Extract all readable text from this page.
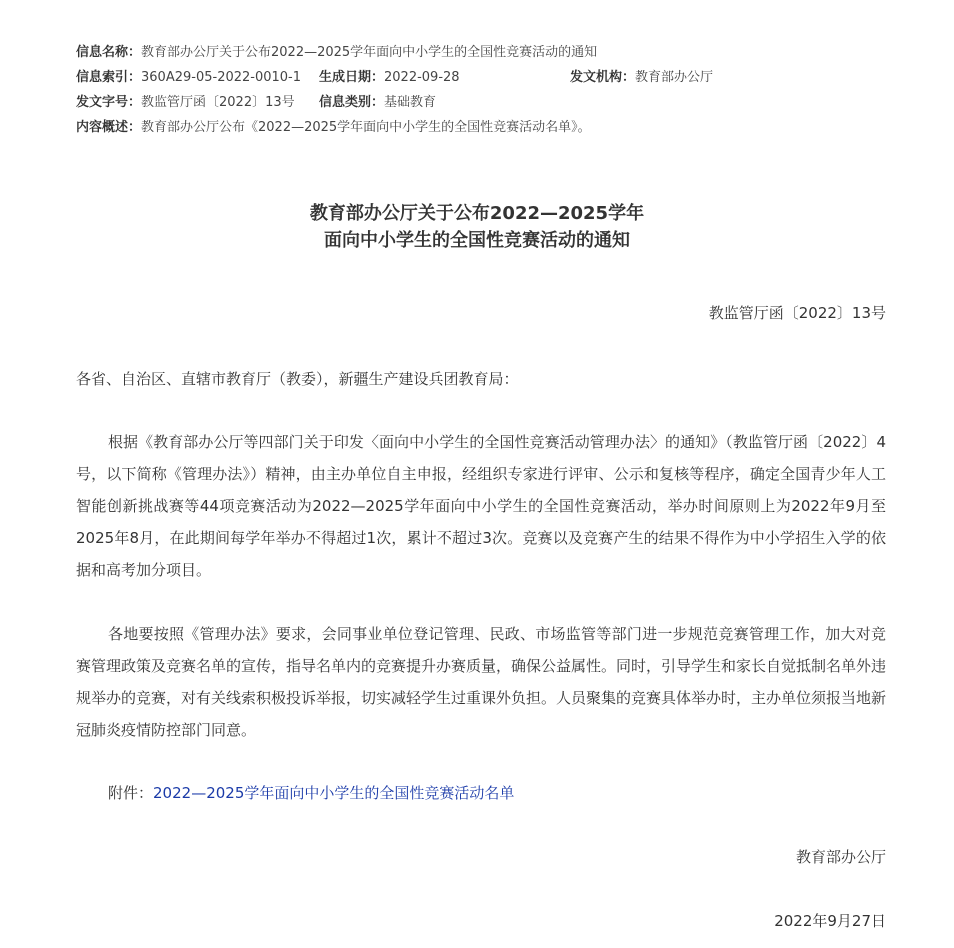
信息名称：教育部办公厅关于公布2022—2025学年面向中小学生的全国性竞赛活动的通知
信息索引：360A29-05-2022-0010-1 生成日期：2022-09-28	发文机构：教育部办公厅
发文字号：教监管厅函〔2022〕13号 信息类别：基础教育
内容概述：教育部办公厅公布《2022—2025学年面向中小学生的全国性竞赛活动名单》。
教育部办公厅关于公布2022—2025学年
面向中小学生的全国性竞赛活动的通知
教监管厅函〔2022〕13号
各省、自治区、直辖市教育厅（教委），新疆生产建设兵团教育局：
根据《教育部办公厅等四部门关于印发〈面向中小学生的全国性竞赛活动管理办法〉的通知》（教监管厅函〔2022〕4号，以下简称《管理办法》）精神，由主办单位自主申报，经组织专家进行评审、公示和复核等程序，确定全国青少年人工智能创新挑战赛等44项竞赛活动为2022—2025学年面向中小学生的全国性竞赛活动，举办时间原则上为2022年9月至2025年8月，在此期间每学年举办不得超过1次，累计不超过3次。竞赛以及竞赛产生的结果不得作为中小学招生入学的依据和高考加分项目。
各地要按照《管理办法》要求，会同事业单位登记管理、民政、市场监管等部门进一步规范竞赛管理工作，加大对竞赛管理政策及竞赛名单的宣传，指导名单内的竞赛提升办赛质量，确保公益属性。同时，引导学生和家长自觉抵制名单外违规举办的竞赛，对有关线索积极投诉举报，切实减轻学生过重课外负担。人员聚集的竞赛具体举办时，主办单位须报当地新冠肺炎疫情防控部门同意。
附件：2022—2025学年面向中小学生的全国性竞赛活动名单
教育部办公厅
2022年9月27日
